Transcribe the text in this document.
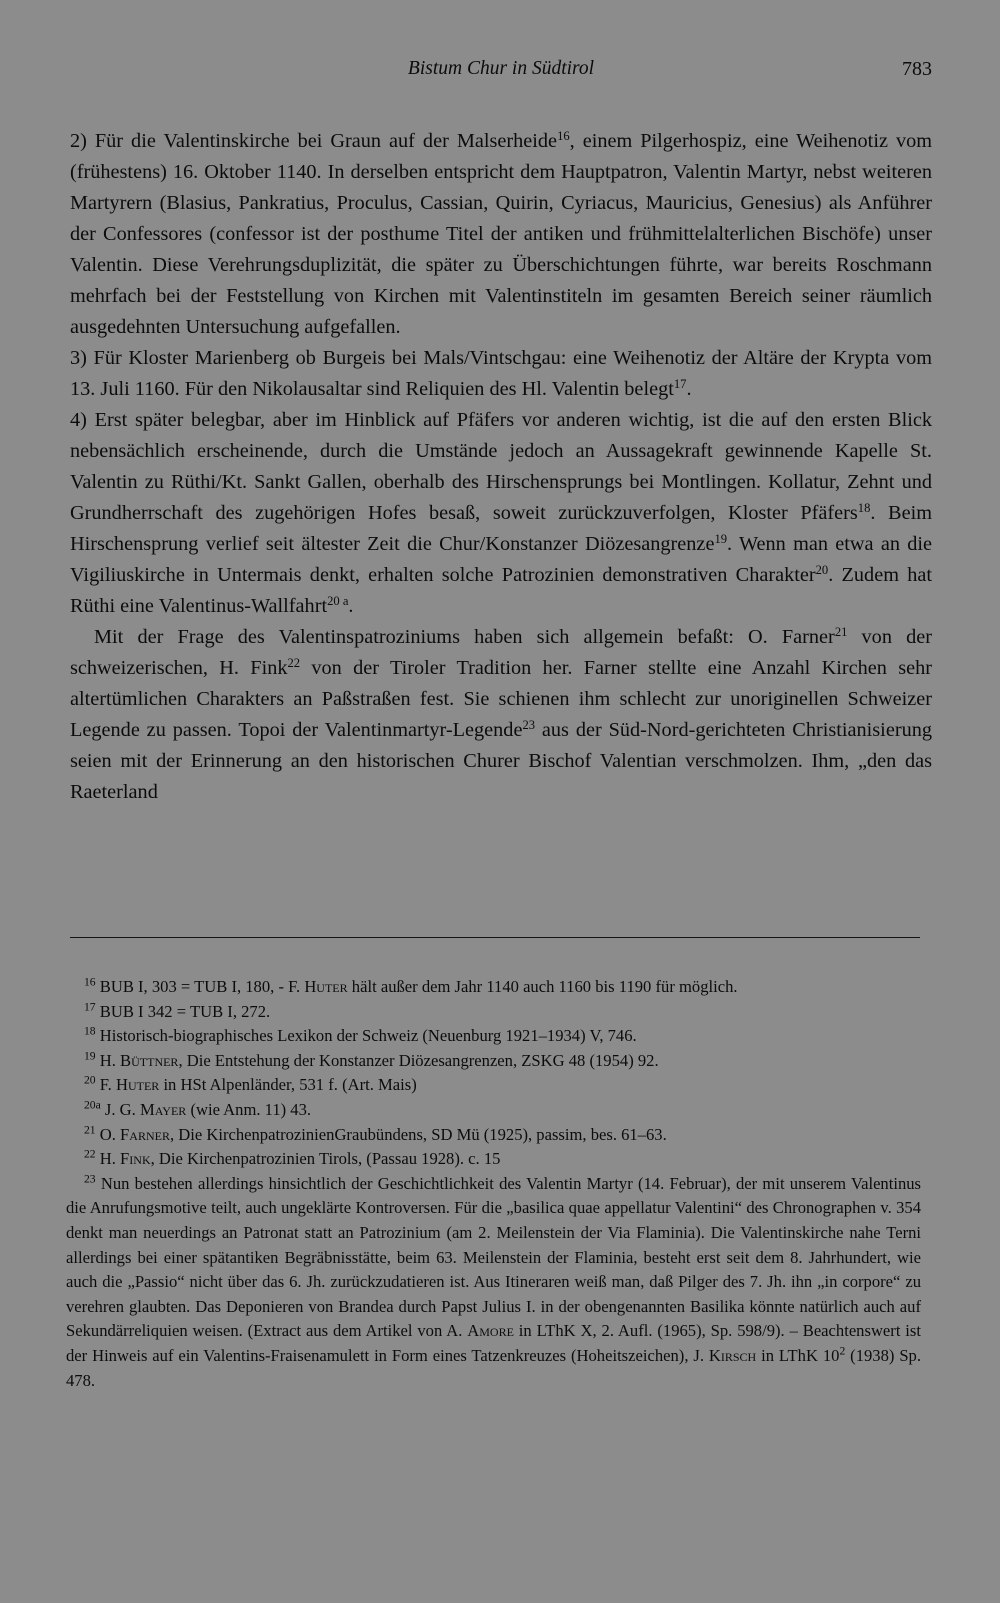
Bistum Chur in Südtirol	783

2) Für die Valentinskirche bei Graun auf der Malserheide$^{16}$, einem Pilgerhospiz, eine Weihenotiz vom (frühestens) 16. Oktober 1140. In derselben entspricht dem Hauptpatron, Valentin Martyr, nebst weiteren Martyrern (Blasius, Pankratius, Proculus, Cassian, Quirin, Cyriacus, Mauricius, Genesius) als Anführer der Confessores (confessor ist der posthume Titel der antiken und frühmittelalterlichen Bischöfe) unser Valentin. Diese Verehrungsduplizität, die später zu Überschichtungen führte, war bereits Roschmann mehrfach bei der Feststellung von Kirchen mit Valentinstiteln im gesamten Bereich seiner räumlich ausgedehnten Untersuchung aufgefallen.

3) Für Kloster Marienberg ob Burgeis bei Mals/Vintschgau: eine Weihenotiz der Altäre der Krypta vom 13. Juli 1160. Für den Nikolausaltar sind Reliquien des Hl. Valentin belegt$^{17}$.

4) Erst später belegbar, aber im Hinblick auf Pfäfers vor anderen wichtig, ist die auf den ersten Blick nebensächlich erscheinende, durch die Umstände jedoch an Aussagekraft gewinnende Kapelle St. Valentin zu Rüthi/Kt. Sankt Gallen, oberhalb des Hirschensprungs bei Montlingen. Kollatur, Zehnt und Grundherrschaft des zugehörigen Hofes besaß, soweit zurückzuverfolgen, Kloster Pfäfers$^{18}$. Beim Hirschensprung verlief seit ältester Zeit die Chur/Konstanzer Diözesangrenze$^{19}$. Wenn man etwa an die Vigiliuskirche in Untermais denkt, erhalten solche Patrozinien demonstrativen Charakter$^{20}$. Zudem hat Rüthi eine Valentinus-Wallfahrt$^{20 a}$.

Mit der Frage des Valentinspatroziniums haben sich allgemein befaßt: O. Farner$^{21}$ von der schweizerischen, H. Fink$^{22}$ von der Tiroler Tradition her. Farner stellte eine Anzahl Kirchen sehr altertümlichen Charakters an Paßstraßen fest. Sie schienen ihm schlecht zur unoriginellen Schweizer Legende zu passen. Topoi der Valentinmartyr-Legende$^{23}$ aus der Süd-Nord-gerichteten Christianisierung seien mit der Erinnerung an den historischen Churer Bischof Valentian verschmolzen. Ihm, „den das Raeterland

$^{16}$ BUB I, 303 = TUB I, 180, - F. Huter hält außer dem Jahr 1140 auch 1160 bis 1190 für möglich.

$^{17}$ BUB I 342 = TUB I, 272.

$^{18}$ Historisch-biographisches Lexikon der Schweiz (Neuenburg 1921–1934) V, 746.

$^{19}$ H. Büttner, Die Entstehung der Konstanzer Diözesangrenzen, ZSKG 48 (1954) 92.

$^{20}$ F. Huter in HSt Alpenländer, 531 f. (Art. Mais)

$^{20a}$ J. G. Mayer (wie Anm. 11) 43.

$^{21}$ O. Farner, Die KirchenpatrozinienGraubündens, SD Mü (1925), passim, bes. 61–63.

$^{22}$ H. Fink, Die Kirchenpatrozinien Tirols, (Passau 1928). c. 15

$^{23}$ Nun bestehen allerdings hinsichtlich der Geschichtlichkeit des Valentin Martyr (14. Februar), der mit unserem Valentinus die Anrufungsmotive teilt, auch ungeklärte Kontroversen. Für die „basilica quae appellatur Valentini“ des Chronographen v. 354 denkt man neuerdings an Patronat statt an Patrozinium (am 2. Meilenstein der Via Flaminia). Die Valentinskirche nahe Terni allerdings bei einer spätantiken Begräbnisstätte, beim 63. Meilenstein der Flaminia, besteht erst seit dem 8. Jahrhundert, wie auch die „Passio“ nicht über das 6. Jh. zurückzudatieren ist. Aus Itineraren weiß man, daß Pilger des 7. Jh. ihn „in corpore“ zu verehren glaubten. Das Deponieren von Brandea durch Papst Julius I. in der obengenannten Basilika könnte natürlich auch auf Sekundärreliquien weisen. (Extract aus dem Artikel von A. Amore in LThK X, 2. Aufl. (1965), Sp. 598/9). – Beachtenswert ist der Hinweis auf ein Valentins-Fraisenamulett in Form eines Tatzenkreuzes (Hoheitszeichen), J. Kirsch in LThK $10^2$ (1938) Sp. 478.
